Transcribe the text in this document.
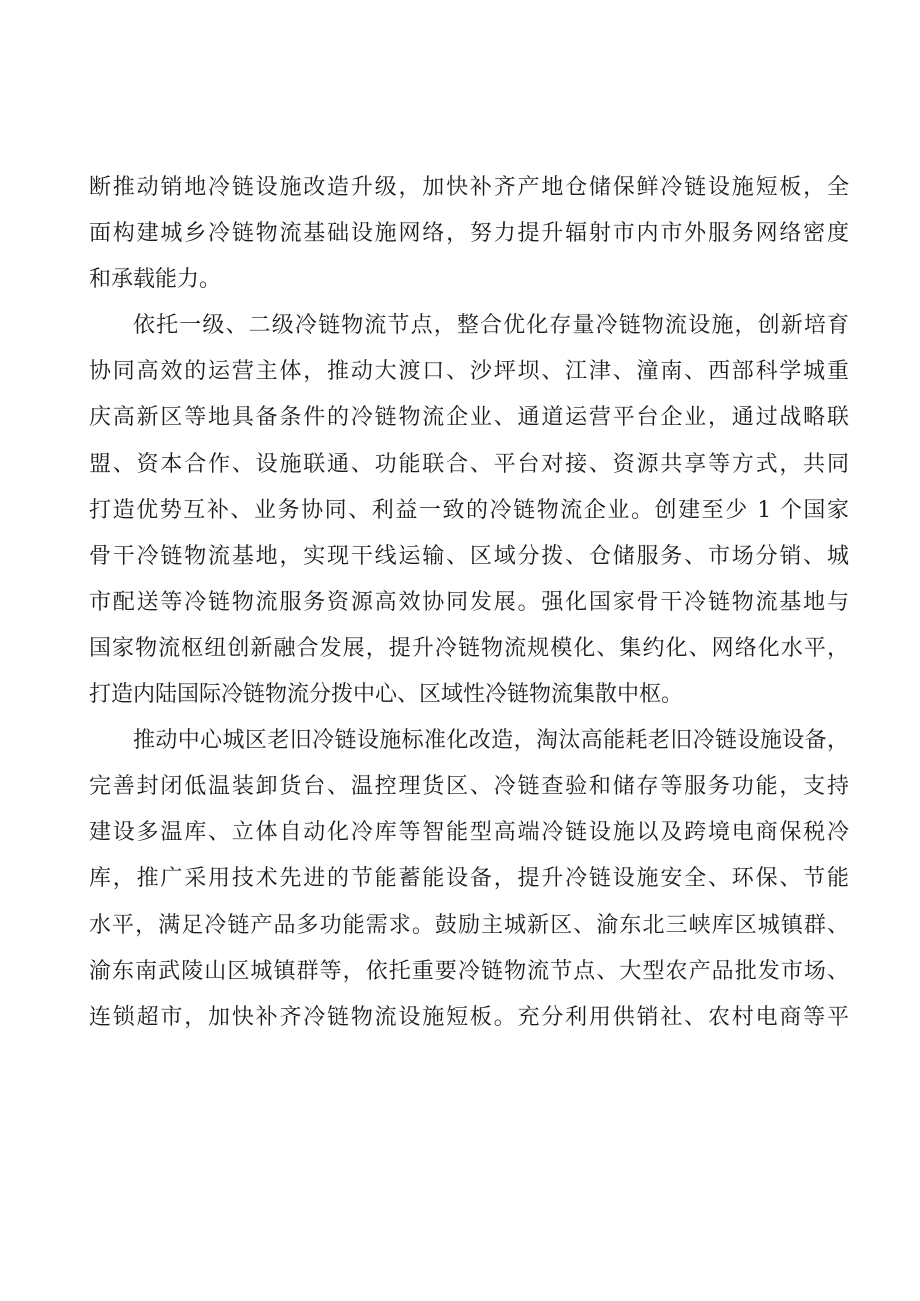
断推动销地冷链设施改造升级，加快补齐产地仓储保鲜冷链设施短板，全
面构建城乡冷链物流基础设施网络，努力提升辐射市内市外服务网络密度
和承载能力。
依托一级、二级冷链物流节点，整合优化存量冷链物流设施，创新培育
协同高效的运营主体，推动大渡口、沙坪坝、江津、潼南、西部科学城重
庆高新区等地具备条件的冷链物流企业、通道运营平台企业，通过战略联
盟、资本合作、设施联通、功能联合、平台对接、资源共享等方式，共同
打造优势互补、业务协同、利益一致的冷链物流企业。创建至少 1 个国家
骨干冷链物流基地，实现干线运输、区域分拨、仓储服务、市场分销、城
市配送等冷链物流服务资源高效协同发展。强化国家骨干冷链物流基地与
国家物流枢纽创新融合发展，提升冷链物流规模化、集约化、网络化水平，
打造内陆国际冷链物流分拨中心、区域性冷链物流集散中枢。
推动中心城区老旧冷链设施标准化改造，淘汰高能耗老旧冷链设施设备，
完善封闭低温装卸货台、温控理货区、冷链查验和储存等服务功能，支持
建设多温库、立体自动化冷库等智能型高端冷链设施以及跨境电商保税冷
库，推广采用技术先进的节能蓄能设备，提升冷链设施安全、环保、节能
水平，满足冷链产品多功能需求。鼓励主城新区、渝东北三峡库区城镇群、
渝东南武陵山区城镇群等，依托重要冷链物流节点、大型农产品批发市场、
连锁超市，加快补齐冷链物流设施短板。充分利用供销社、农村电商等平
